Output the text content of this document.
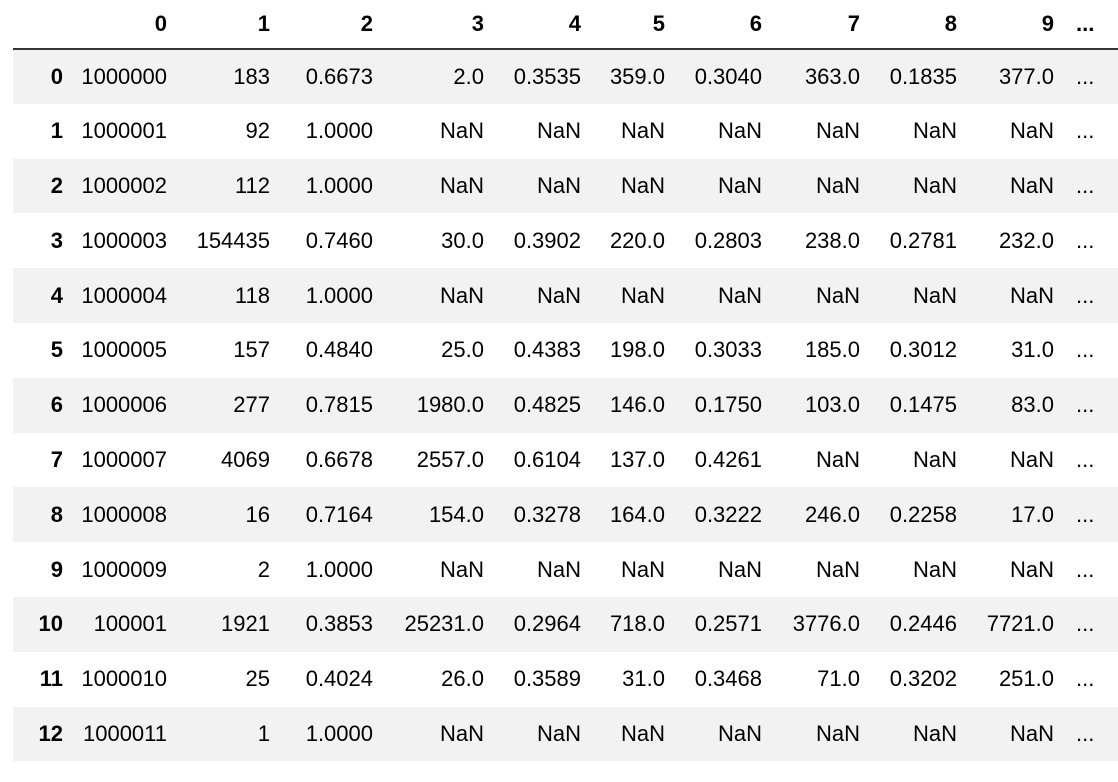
	0	1	2	3	4	5	6	7	8	9	...
0	1000000	183	0.6673	2.0	0.3535	359.0	0.3040	363.0	0.1835	377.0	...
1	1000001	92	1.0000	NaN	NaN	NaN	NaN	NaN	NaN	NaN	...
2	1000002	112	1.0000	NaN	NaN	NaN	NaN	NaN	NaN	NaN	...
3	1000003	154435	0.7460	30.0	0.3902	220.0	0.2803	238.0	0.2781	232.0	...
4	1000004	118	1.0000	NaN	NaN	NaN	NaN	NaN	NaN	NaN	...
5	1000005	157	0.4840	25.0	0.4383	198.0	0.3033	185.0	0.3012	31.0	...
6	1000006	277	0.7815	1980.0	0.4825	146.0	0.1750	103.0	0.1475	83.0	...
7	1000007	4069	0.6678	2557.0	0.6104	137.0	0.4261	NaN	NaN	NaN	...
8	1000008	16	0.7164	154.0	0.3278	164.0	0.3222	246.0	0.2258	17.0	...
9	1000009	2	1.0000	NaN	NaN	NaN	NaN	NaN	NaN	NaN	...
10	100001	1921	0.3853	25231.0	0.2964	718.0	0.2571	3776.0	0.2446	7721.0	...
11	1000010	25	0.4024	26.0	0.3589	31.0	0.3468	71.0	0.3202	251.0	...
12	1000011	1	1.0000	NaN	NaN	NaN	NaN	NaN	NaN	NaN	...
